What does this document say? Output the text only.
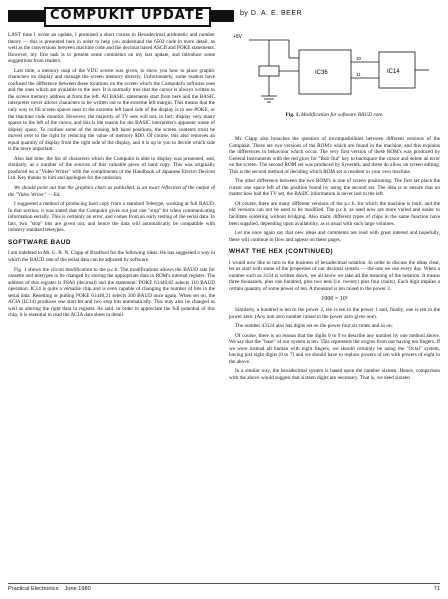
COMPUKIT UPDATE	by D. A. E. BEER
+5V
IC36	IC14
10
11
Fig. 1. Modification for software BAUD rate.

LAST time I wrote an update, I promised a short course in Hexadecimal arithmetic and number theory — this is presented here in order to help you understand the 6502 code in more detail, as well as the conversions between machine code and the decimal based ASCII and POKE statements. However, my first task is to present some comments on my last update, and introduce some suggestions from readers.

Last time, a memory map of the VDU screen was given, to show you how to place graphic characters on display and manage the screen memory directly. Unfortunately, some readers have confused the difference between these locations on the screen which the Compukit's software uses and the ones which are available to the user. It is normally true that the cursor is always written to the screen memory address at from the left. All BASIC statements start from here and the BASIC interpreter never allows characters to be written out to the extreme left margin. This means that the only way to fill screen spaces near to the extreme left hand side of the display is to use POKE, or the machine code monitor. However, the majority of TV sets will not, in fact, display very many spaces to the left of the cursor, and this is the reason for the BASIC interpreter's apparent waste of display space. To confuse some of the missing left hand positions, the screen contents must be moved over to the right by reducing the value of memory $D0. Of course, this also removes an equal quantity of display from the right side of the display, and it is up to you to decide which side is the more important.

Also last time, the list of characters which the Compukit is able to display was presented, and, similarly, as a number of the sources of this valuable piece of hard copy. This was originally produced on a "Video Writer" with the compliments of the Handbook of Japanese Electro Devices Ltd. Key thanks to him and apologies for the omission.

We should point out that the graphics chart as published, is an exact reflection of the output of the "Video Writer" — Ed.

I suggested a method of producing hard copy from a standard Teletype, working at full BAUD. In that section, it was stated that the Compukit gives out just one "stop" bit when communicating information serially. This is certainly an error, and comes from an early testing of the serial data. In fact, two "stop" bits are given out, and hence the data will automatically be compatible with industry standard teletypes.

SOFTWARE BAUD

I am indebted to Mr. G. R. N. Clapp of Bradford for the following ideas. He has suggested a way in which the BAUD rate of the serial data can be adjusted by software.

Fig. 1 shows the circuit modification to the p.c.b. The modifications allows the BAUD rate for cassette and teletypes to be changed by storing the appropriate data in ROM's internal register. The address of this register is F8A0 (decimal) and the statement: POKE 61440,82 selects 110 BAUD operation. IC14 is quite a versatile chip and is even capable of changing the number of bits in the serial data. Resetting or pulling POKE 61440,21 selects 300 BAUD once again. When set on, the ACIA (IC14) produces one start bit and two stop bits automatically. This may also be changed as well as altering the right data in register. As said, in order to appreciate the full potential of this chip, it is essential to read the ACIA data sheet in detail.

Mr. Clapp also broaches the question of incompatibilities between different versions of the Compukit. There are two versions of the ROM's which are found in the machine, and this explains the differences in behaviour which occur. The very first version of these ROM's was produced by General Instruments with the red glow for "Rub Out" key to backspace the cursor and delete an error on the screen. The second ROM set was produced by Synertek, and these do allow on screen editing. This is the second method of deciding which ROM set is resident in your own machine.

The other difference between the two ROM's is one of screen positioning. The first set place the cursor one space left of the position found by using the second set. The idea is to ensure that no matter how bad the TV set, the BASIC information is never lost to the left.

Of course, there are many different versions of the p.c.b. for which the machine is built, and the old versions can not be used to be modified. The p.c.b. as used now are more varied and easier to facilitate soldering without bridging. Also many different types of chips in the same function have been supplied, depending upon availability, as is usual with such large volumes.

Let me once again say that new ideas and comments are read with great interest and hopefully, these will continue to flow and appear on these pages.

WHAT THE HEX (CONTINUED)

I would now like to turn to the business of hexadecimal notation. In order to discuss the ideas clear, let us start with some of the properties of our decimal system — the one we use every day. When a number such as 3124 is written down, we all know we take all the meaning of the notation. It means three thousands, plus one hundred, plus two tens (i.e. twenty) plus four (units). Each digit implies a certain quantity of some power of ten. A thousand is ten raised to the power 3.

1000 = 10³

Similarly, a hundred is ten to the power 2, ten is ten to the power 1 and, finally, one is ten to the power zero. (Any non zero number raised to the power zero gives one).

The number 43124 also has digits set on the power four six times and so on.

Of course, there is no reason that the digits 0 to 9 to describe any number by one method above. We say that the "base" of our system is ten. This represents the origins from our having ten fingers. If we were instead all human with eight fingers, we should certainly be using the "Octal" system, having just eight digits (0 to 7) and we should have to replace powers of ten with powers of eight in the above.

In a similar way, the hexadecimal system is based upon the number sixteen. Hence, comparison with the above would suggest that sixteen digits are necessary. That is, we need sixteen

Practical Electronics June 1980	71
